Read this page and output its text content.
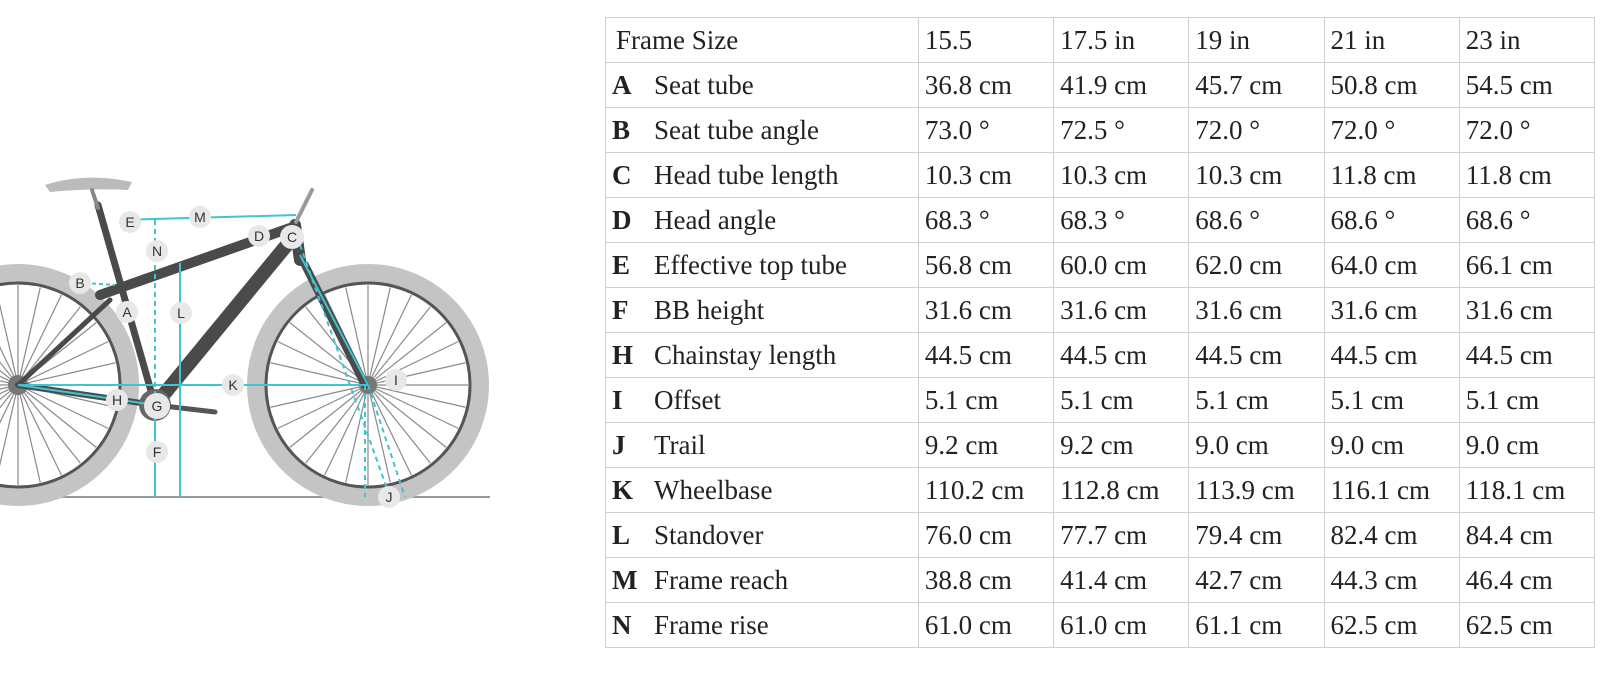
A
B
C
D
E
F
G
H
I
J
K
L
M
N
Frame Size	15.5	17.5 in	19 in	21 in	23 in
A Seat tube	36.8 cm	41.9 cm	45.7 cm	50.8 cm	54.5 cm
B Seat tube angle	73.0 °	72.5 °	72.0 °	72.0 °	72.0 °
C Head tube length	10.3 cm	10.3 cm	10.3 cm	11.8 cm	11.8 cm
D Head angle	68.3 °	68.3 °	68.6 °	68.6 °	68.6 °
E Effective top tube	56.8 cm	60.0 cm	62.0 cm	64.0 cm	66.1 cm
F BB height	31.6 cm	31.6 cm	31.6 cm	31.6 cm	31.6 cm
H Chainstay length	44.5 cm	44.5 cm	44.5 cm	44.5 cm	44.5 cm
I Offset	5.1 cm	5.1 cm	5.1 cm	5.1 cm	5.1 cm
J Trail	9.2 cm	9.2 cm	9.0 cm	9.0 cm	9.0 cm
K Wheelbase	110.2 cm	112.8 cm	113.9 cm	116.1 cm	118.1 cm
L Standover	76.0 cm	77.7 cm	79.4 cm	82.4 cm	84.4 cm
M Frame reach	38.8 cm	41.4 cm	42.7 cm	44.3 cm	46.4 cm
N Frame rise	61.0 cm	61.0 cm	61.1 cm	62.5 cm	62.5 cm
